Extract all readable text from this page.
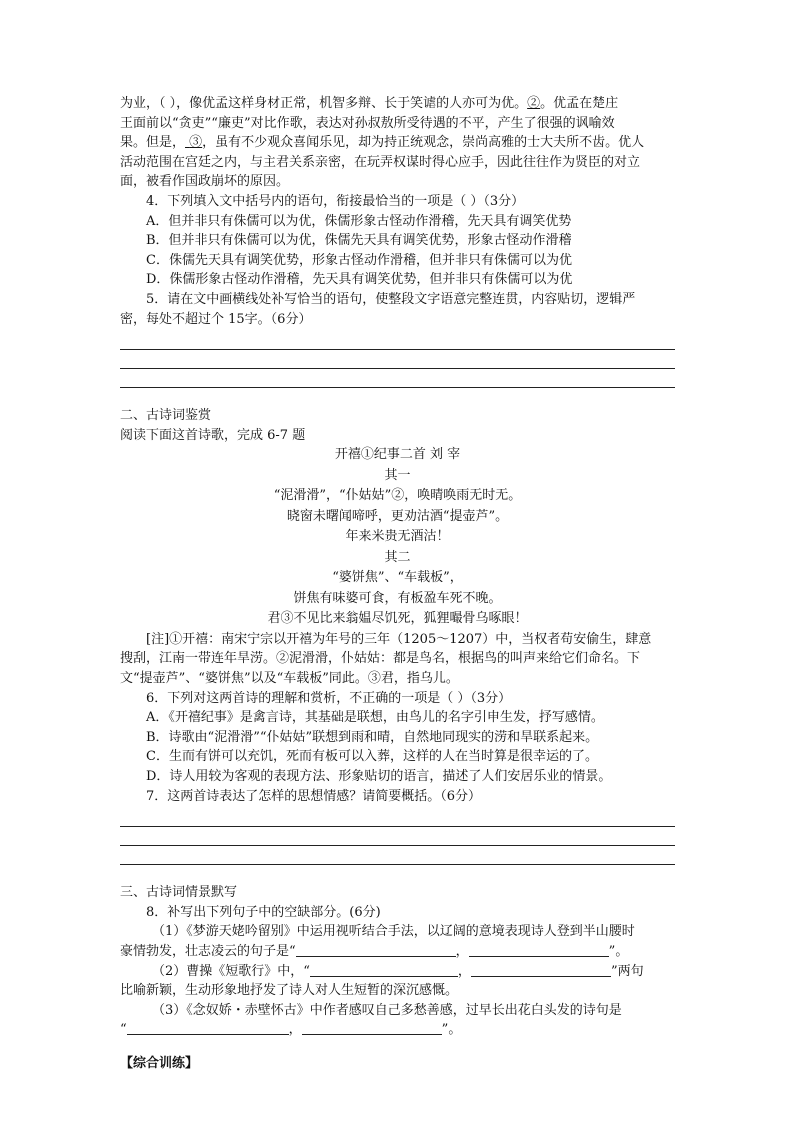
为业，（ ），像优孟这样身材正常，机智多辩、长于笑谑的人亦可为优。②。优孟在楚庄

王面前以“贪吏”“廉吏”对比作歌，表达对孙叔敖所受待遇的不平，产生了很强的讽喻效

果。但是， ③，虽有不少观众喜闻乐见，却为持正统观念，崇尚高雅的士大夫所不齿。优人

活动范围在宫廷之内，与主君关系亲密，在玩弄权谋时得心应手，因此往往作为贤臣的对立

面，被看作国政崩坏的原因。

4．下列填入文中括号内的语句，衔接最恰当的一项是（ ）（3分）

A．但并非只有侏儒可以为优，侏儒形象古怪动作滑稽，先天具有调笑优势

B．但并非只有侏儒可以为优，侏儒先天具有调笑优势，形象古怪动作滑稽

C．侏儒先天具有调笑优势，形象古怪动作滑稽，但并非只有侏儒可以为优

D．侏儒形象古怪动作滑稽，先天具有调笑优势，但并非只有侏儒可以为优

5．请在文中画横线处补写恰当的语句，使整段文字语意完整连贯，内容贴切，逻辑严

密，每处不超过个 15字。（6分）

二、古诗词鉴赏

阅读下面这首诗歌，完成 6-7 题

开禧①纪事二首 刘 宰

其一

“泥滑滑”，“仆姑姑”②，唤晴唤雨无时无。

晓窗未曙闻啼呼，更劝沽酒“提壶芦”。

年来米贵无酒沽！

其二

“婆饼焦”、“车载板”，

饼焦有味婆可食，有板盈车死不晚。

君③不见比来翁媪尽饥死，狐狸嘬骨乌啄眼！

[注]①开禧：南宋宁宗以开禧为年号的三年（1205～1207）中，当权者苟安偷生，肆意

搜刮，江南一带连年旱涝。②泥滑滑，仆姑姑：都是鸟名，根据鸟的叫声来给它们命名。下

文“提壶芦”、“婆饼焦”以及“车载板”同此。③君，指乌儿。

6．下列对这两首诗的理解和赏析，不正确的一项是（ ）（3分）

A．《开禧纪事》是禽言诗，其基础是联想，由鸟儿的名字引申生发，抒写感情。

B．诗歌由“泥滑滑”“仆姑姑”联想到雨和晴，自然地同现实的涝和旱联系起来。

C．生而有饼可以充饥，死而有板可以入葬，这样的人在当时算是很幸运的了。

D．诗人用较为客观的表现方法、形象贴切的语言，描述了人们安居乐业的情景。

7．这两首诗表达了怎样的思想情感？请简要概括。（6分）

三、古诗词情景默写

8．补写出下列句子中的空缺部分。(6分)

（1）《梦游天姥吟留别》中运用视听结合手法，以辽阔的意境表现诗人登到半山腰时

豪情勃发，壮志凌云的句子是“	，	”。

（2）曹操《短歌行》中，“	，	”两句

比喻新颖，生动形象地抒发了诗人对人生短暂的深沉感慨。

（3）《念奴娇・赤壁怀古》中作者感叹自己多愁善感，过早长出花白头发的诗句是

“	，	”。

【综合训练】
